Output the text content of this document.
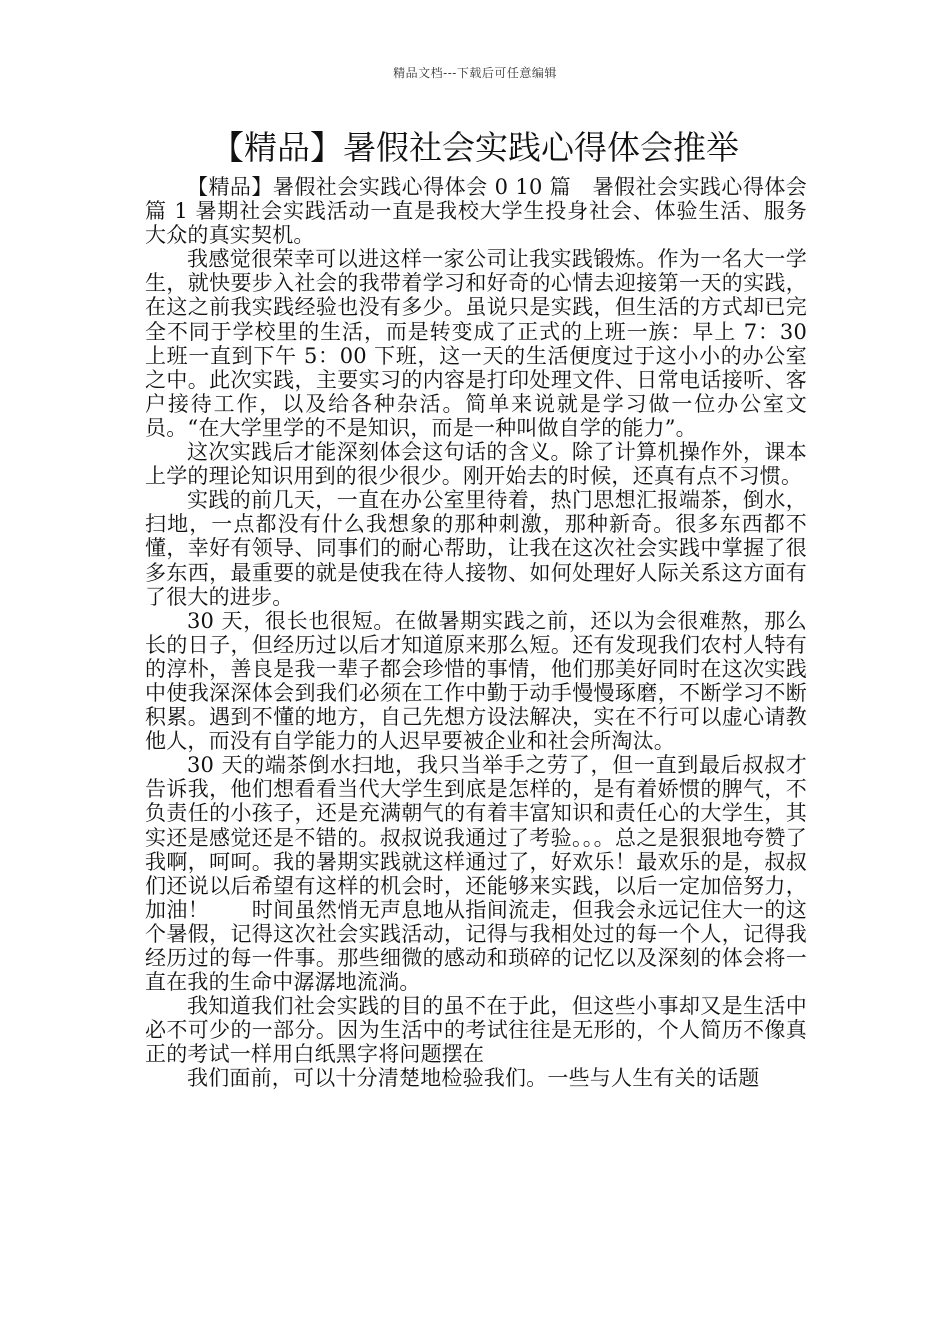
精品文档---下载后可任意编辑
【精品】暑假社会实践心得体会推举

【精品】暑假社会实践心得体会 0 10 篇　暑假社会实践心得体会 篇 1 暑期社会实践活动一直是我校大学生投身社会、体验生活、服务大众的真实契机。

我感觉很荣幸可以进这样一家公司让我实践锻炼。作为一名大一学生，就快要步入社会的我带着学习和好奇的心情去迎接第一天的实践，在这之前我实践经验也没有多少。虽说只是实践，但生活的方式却已完全不同于学校里的生活，而是转变成了正式的上班一族：早上 7：30 上班一直到下午 5：00 下班，这一天的生活便度过于这小小的办公室之中。此次实践，主要实习的内容是打印处理文件、日常电话接听、客户接待工作，以及给各种杂活。简单来说就是学习做一位办公室文员。“在大学里学的不是知识，而是一种叫做自学的能力”。

这次实践后才能深刻体会这句话的含义。除了计算机操作外，课本上学的理论知识用到的很少很少。刚开始去的时候，还真有点不习惯。

实践的前几天，一直在办公室里待着，热门思想汇报端茶，倒水，扫地，一点都没有什么我想象的那种刺激，那种新奇。很多东西都不懂，幸好有领导、同事们的耐心帮助，让我在这次社会实践中掌握了很多东西，最重要的就是使我在待人接物、如何处理好人际关系这方面有了很大的进步。

30 天，很长也很短。在做暑期实践之前，还以为会很难熬，那么长的日子，但经历过以后才知道原来那么短。还有发现我们农村人特有的淳朴，善良是我一辈子都会珍惜的事情，他们那美好同时在这次实践中使我深深体会到我们必须在工作中勤于动手慢慢琢磨，不断学习不断积累。遇到不懂的地方，自己先想方设法解决，实在不行可以虚心请教他人，而没有自学能力的人迟早要被企业和社会所淘汰。

30 天的端茶倒水扫地，我只当举手之劳了，但一直到最后叔叔才告诉我，他们想看看当代大学生到底是怎样的，是有着娇惯的脾气，不负责任的小孩子，还是充满朝气的有着丰富知识和责任心的大学生，其实还是感觉还是不错的。叔叔说我通过了考验。。。总之是狠狠地夸赞了我啊，呵呵。我的暑期实践就这样通过了，好欢乐！最欢乐的是，叔叔们还说以后希望有这样的机会时，还能够来实践，以后一定加倍努力，加油！　　时间虽然悄无声息地从指间流走，但我会永远记住大一的这个暑假，记得这次社会实践活动，记得与我相处过的每一个人，记得我经历过的每一件事。那些细微的感动和琐碎的记忆以及深刻的体会将一直在我的生命中潺潺地流淌。

我知道我们社会实践的目的虽不在于此，但这些小事却又是生活中必不可少的一部分。因为生活中的考试往往是无形的，个人简历不像真正的考试一样用白纸黑字将问题摆在

我们面前，可以十分清楚地检验我们。一些与人生有关的话题
